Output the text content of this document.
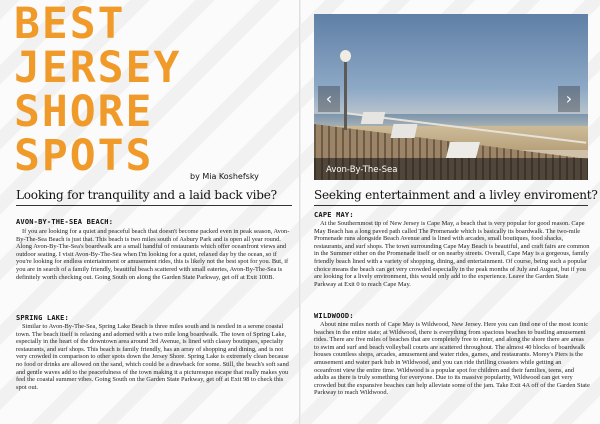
BEST
JERSEY
SHORE
SPOTS	by Mia Koshefsky
Looking for tranquility and a laid back vibe?
AVON-BY-THE-SEA BEACH:

If you are looking for a quiet and peaceful beach that doesn't become packed even in peak season, Avon-By-The-Sea Beach is just that. This beach is two miles south of Asbury Park and is open all year round. Along Avon-By-The-Sea's boardwalk are a small handful of restaurants which offer oceanfront views and outdoor seating. I visit Avon-By-The-Sea when I'm looking for a quiet, relaxed day by the ocean, so if you're looking for endless entertainment or amusement rides, this is likely not the best spot for you. But, if you are in search of a family friendly, beautiful beach scattered with small eateries, Avon-By-The-Sea is definitely worth checking out. Going South on along the Garden State Parkway, get off at Exit 100B.

SPRING LAKE:

Similar to Avon-By-The-Sea, Spring Lake Beach is three miles south and is nestled in a serene coastal town. The beach itself is relaxing and adorned with a two mile long boardwalk. The town of Spring Lake, especially in the heart of the downtown area around 3rd Avenue, is lined with classy boutiques, specialty restaurants, and surf shops. This beach is family friendly, has an array of shopping and dining, and is not very crowded in comparison to other spots down the Jersey Shore. Spring Lake is extremely clean because no food or drinks are allowed on the sand, which could be a drawback for some. Still, the beach's soft sand and gentle waves add to the peacefulness of the town making it a picturesque escape that really makes you feel the coastal summer vibes. Going South on the Garden State Parkway, get off at Exit 98 to check this spot out.

Avon-By-The-Sea
‹	›
Seeking entertainment and a livley enviroment?
CAPE MAY:

At the Southernmost tip of New Jersey is Cape May, a beach that is very popular for good reason. Cape May Beach has a long paved path called The Promenade which is basically its boardwalk. The two-mile Promenade runs alongside Beach Avenue and is lined with arcades, small boutiques, food shacks, restaurants, and surf shops. The town surrounding Cape May Beach is beautiful, and craft fairs are common in the Summer either on the Promenade itself or on nearby streets. Overall, Cape May is a gorgeous, family friendly beach lined with a variety of shopping, dining, and entertainment. Of course, being such a popular choice means the beach can get very crowded especially in the peak months of July and August, but if you are looking for a lively environment, this would only add to the experience. Leave the Garden State Parkway at Exit 0 to reach Cape May.

WILDWOOD:

About nine miles north of Cape May is Wildwood, New Jersey. Here you can find one of the most iconic beaches in the entire state; at Wildwood, there is everything from spacious beaches to bustling amusement rides. There are five miles of beaches that are completely free to enter, and along the shore there are areas to swim and surf and beach volleyball courts are scattered throughout. The almost 40 blocks of boardwalk houses countless shops, arcades, amusement and water rides, games, and restaurants. Morey's Piers is the amusement and water park hub in Wildwood, and you can ride thrilling coasters while getting an oceanfront view the entire time. Wildwood is a popular spot for children and their families, teens, and adults as there is truly something for everyone. Due to its massive popularity, Wildwood can get very crowded but the expansive beaches can help alleviate some of the jam. Take Exit 4A off of the Garden State Parkway to reach Wildwood.
